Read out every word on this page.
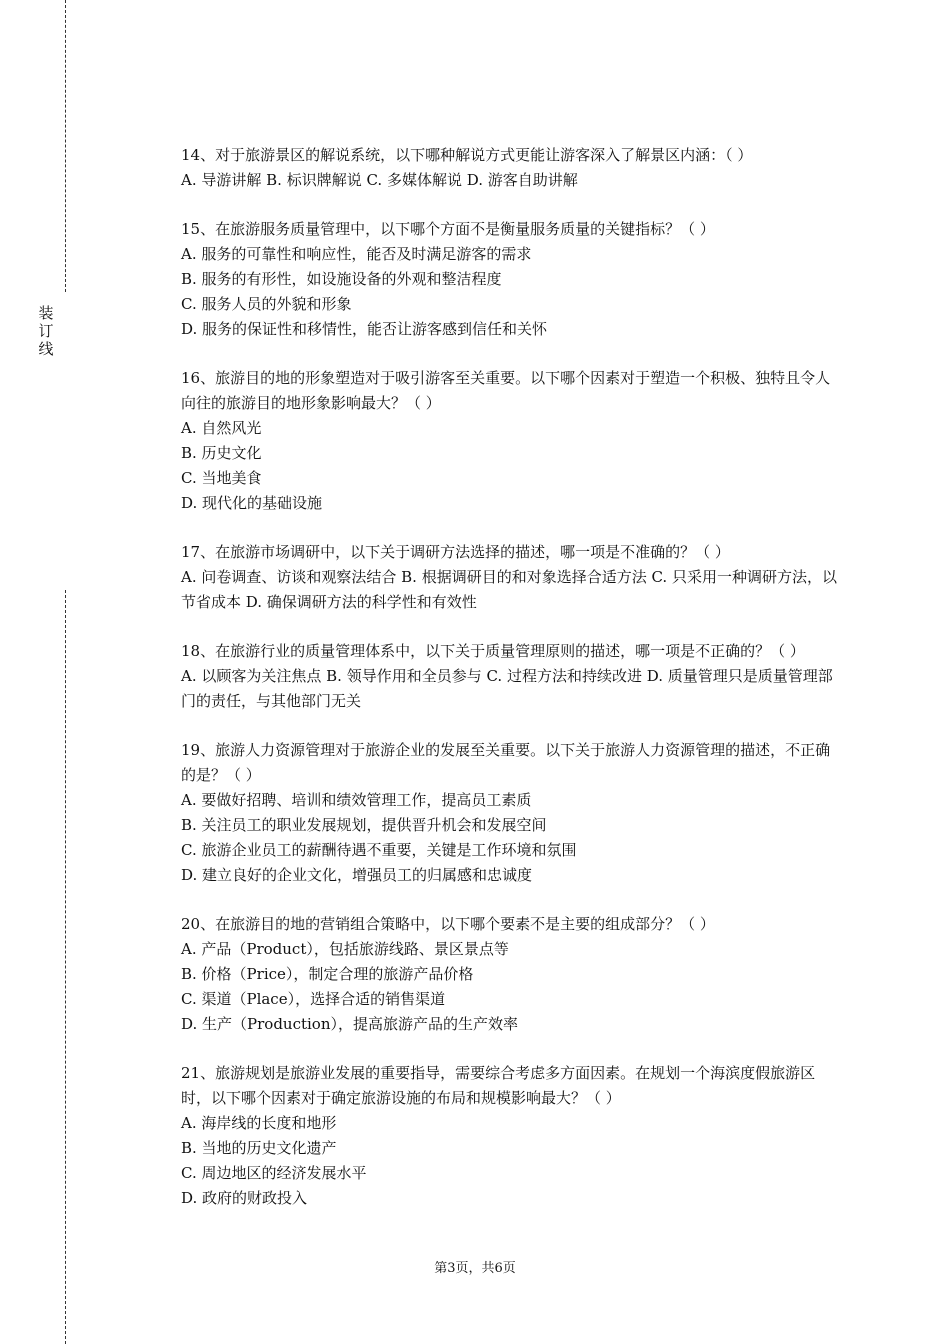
装
订
线

14、对于旅游景区的解说系统，以下哪种解说方式更能让游客深入了解景区内涵：（ ）

A. 导游讲解 B. 标识牌解说 C. 多媒体解说 D. 游客自助讲解

15、在旅游服务质量管理中，以下哪个方面不是衡量服务质量的关键指标？（ ）

A. 服务的可靠性和响应性，能否及时满足游客的需求

B. 服务的有形性，如设施设备的外观和整洁程度

C. 服务人员的外貌和形象

D. 服务的保证性和移情性，能否让游客感到信任和关怀

16、旅游目的地的形象塑造对于吸引游客至关重要。以下哪个因素对于塑造一个积极、独特且令人向往的旅游目的地形象影响最大？（ ）

A. 自然风光

B. 历史文化

C. 当地美食

D. 现代化的基础设施

17、在旅游市场调研中，以下关于调研方法选择的描述，哪一项是不准确的？（ ）

A. 问卷调查、访谈和观察法结合 B. 根据调研目的和对象选择合适方法 C. 只采用一种调研方法，以节省成本 D. 确保调研方法的科学性和有效性

18、在旅游行业的质量管理体系中，以下关于质量管理原则的描述，哪一项是不正确的？（ ）

A. 以顾客为关注焦点 B. 领导作用和全员参与 C. 过程方法和持续改进 D. 质量管理只是质量管理部门的责任，与其他部门无关

19、旅游人力资源管理对于旅游企业的发展至关重要。以下关于旅游人力资源管理的描述，不正确的是？（ ）

A. 要做好招聘、培训和绩效管理工作，提高员工素质

B. 关注员工的职业发展规划，提供晋升机会和发展空间

C. 旅游企业员工的薪酬待遇不重要，关键是工作环境和氛围

D. 建立良好的企业文化，增强员工的归属感和忠诚度

20、在旅游目的地的营销组合策略中，以下哪个要素不是主要的组成部分？（ ）

A. 产品（Product），包括旅游线路、景区景点等

B. 价格（Price），制定合理的旅游产品价格

C. 渠道（Place），选择合适的销售渠道

D. 生产（Production），提高旅游产品的生产效率

21、旅游规划是旅游业发展的重要指导，需要综合考虑多方面因素。在规划一个海滨度假旅游区时，以下哪个因素对于确定旅游设施的布局和规模影响最大？（ ）

A. 海岸线的长度和地形

B. 当地的历史文化遗产

C. 周边地区的经济发展水平

D. 政府的财政投入

第3页，共6页
